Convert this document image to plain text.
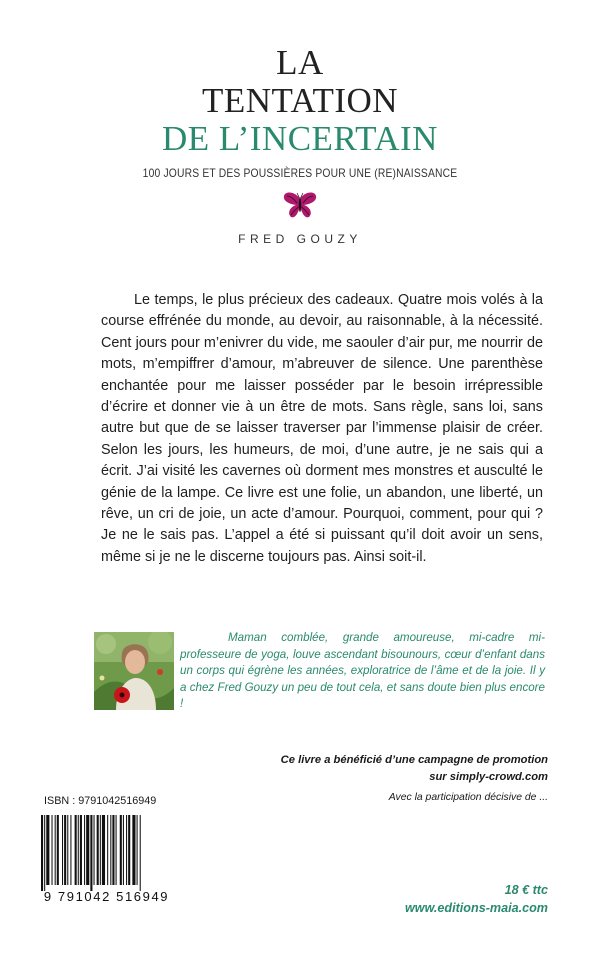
LA
TENTATION
DE L’INCERTAIN
100 JOURS ET DES POUSSIÈRES POUR UNE (RE)NAISSANCE
FRED GOUZY

Le temps, le plus précieux des cadeaux. Quatre mois volés à la course effrénée du monde, au devoir, au raisonnable, à la nécessité. Cent jours pour m’enivrer du vide, me saouler d’air pur, me nourrir de mots, m’empiffrer d’amour, m’abreuver de silence. Une parenthèse enchantée pour me laisser posséder par le besoin irrépressible d’écrire et donner vie à un être de mots. Sans règle, sans loi, sans autre but que de se laisser traverser par l’immense plaisir de créer. Selon les jours, les humeurs, de moi, d’une autre, je ne sais qui a écrit. J’ai visité les cavernes où dorment mes monstres et ausculté le génie de la lampe. Ce livre est une folie, un abandon, une liberté, un rêve, un cri de joie, un acte d’amour. Pourquoi, comment, pour qui ? Je ne le sais pas. L’appel a été si puissant qu’il doit avoir un sens, même si je ne le discerne toujours pas. Ainsi soit-il.

Maman comblée, grande amoureuse, mi-cadre mi-professeure de yoga, louve ascendant bisounours, cœur d’enfant dans un corps qui égrène les années, exploratrice de l’âme et de la joie. Il y a chez Fred Gouzy un peu de tout cela, et sans doute bien plus encore !

Ce livre a bénéficié d’une campagne de promotion
sur simply-crowd.com
Avec la participation décisive de ...
ISBN : 9791042516949
9 791042 516949	18 € ttc
www.editions-maia.com
